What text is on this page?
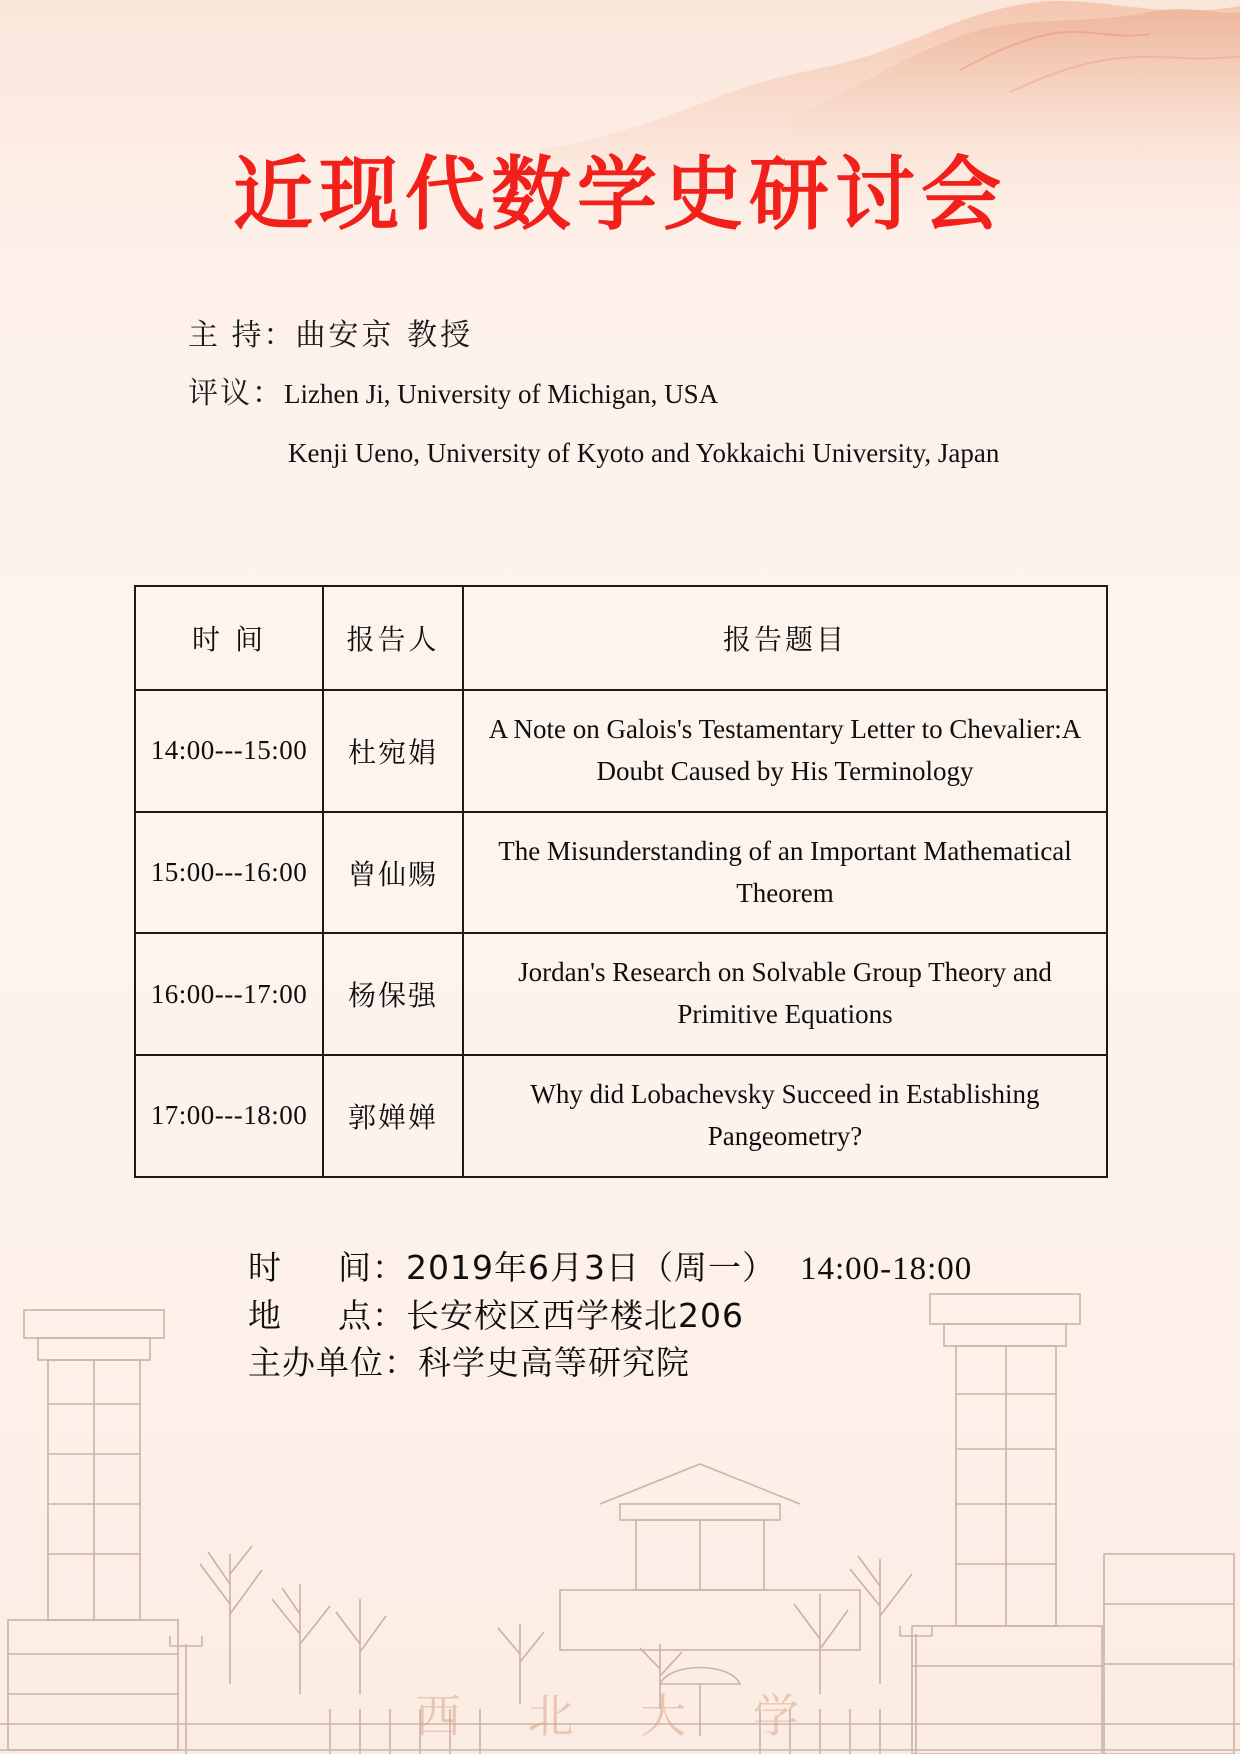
西 北 大 学
近现代数学史研讨会
主 持： 曲安京 教授
评议： Lizhen Ji, University of Michigan, USA
Kenji Ueno, University of Kyoto and Yokkaichi University, Japan
时 间	报告人	报告题目
14:00---15:00	杜宛娟	A Note on Galois's Testamentary Letter to Chevalier:A Doubt Caused by His Terminology
15:00---16:00	曾仙赐	The Misunderstanding of an Important Mathematical Theorem
16:00---17:00	杨保强	Jordan's Research on Solvable Group Theory and Primitive Equations
17:00---18:00	郭婵婵	Why did Lobachevsky Succeed in Establishing Pangeometry?
时 间：2019年6月3日（周一） 14:00-18:00
地 点：长安校区西学楼北206
主办单位：科学史高等研究院
